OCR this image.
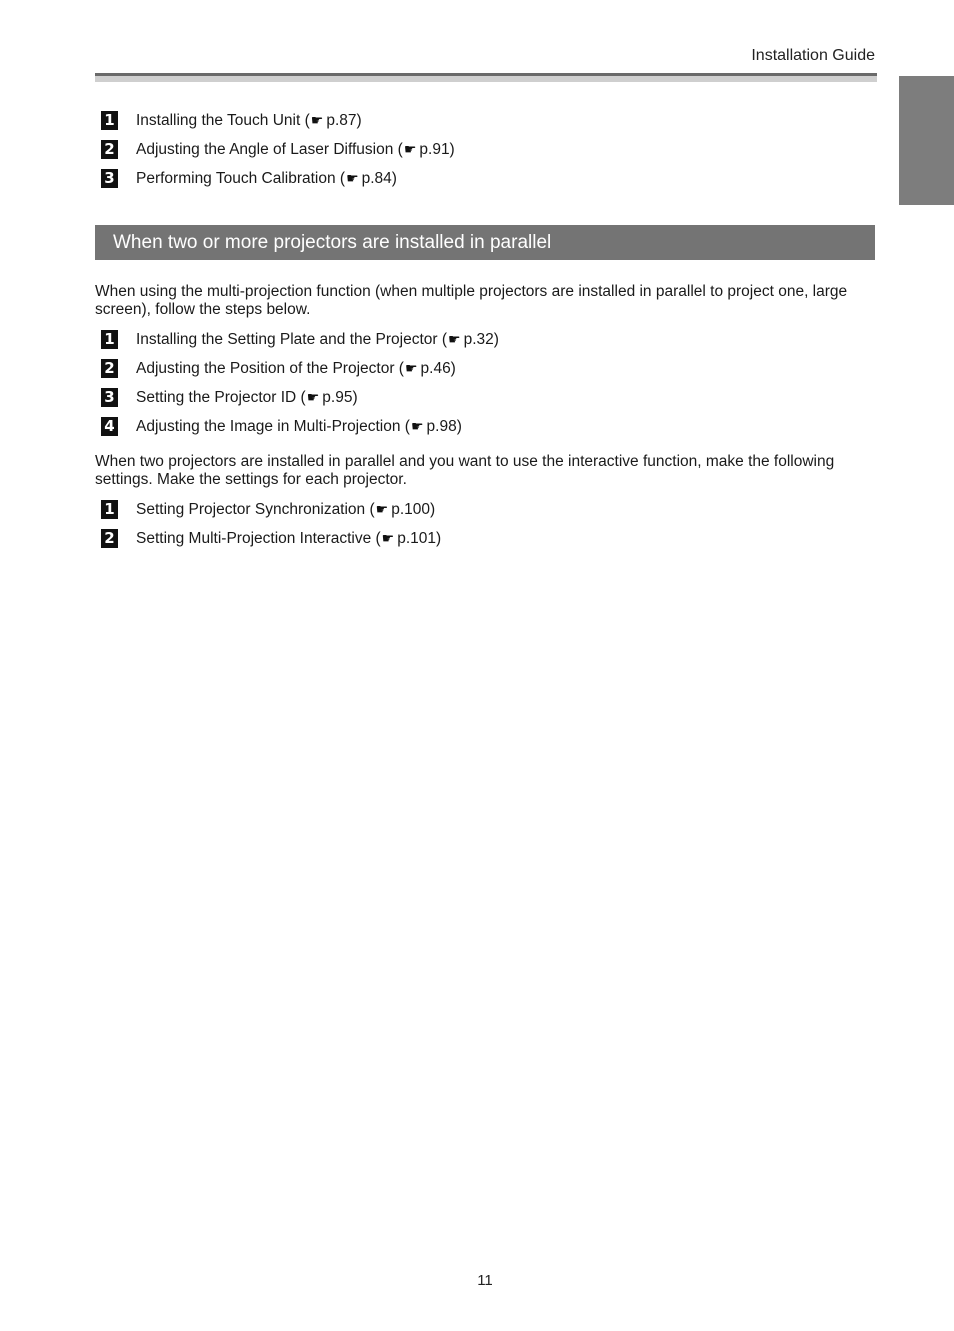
Installation Guide
1 Installing the Touch Unit (☛ p.87)
2 Adjusting the Angle of Laser Diffusion (☛ p.91)
3 Performing Touch Calibration (☛ p.84)
When two or more projectors are installed in parallel

When using the multi-projection function (when multiple projectors are installed in parallel to project one, large screen), follow the steps below.

1 Installing the Setting Plate and the Projector (☛ p.32)
2 Adjusting the Position of the Projector (☛ p.46)
3 Setting the Projector ID (☛ p.95)
4 Adjusting the Image in Multi-Projection (☛ p.98)

When two projectors are installed in parallel and you want to use the interactive function, make the following settings. Make the settings for each projector.

1 Setting Projector Synchronization (☛ p.100)
2 Setting Multi-Projection Interactive (☛ p.101)
11
